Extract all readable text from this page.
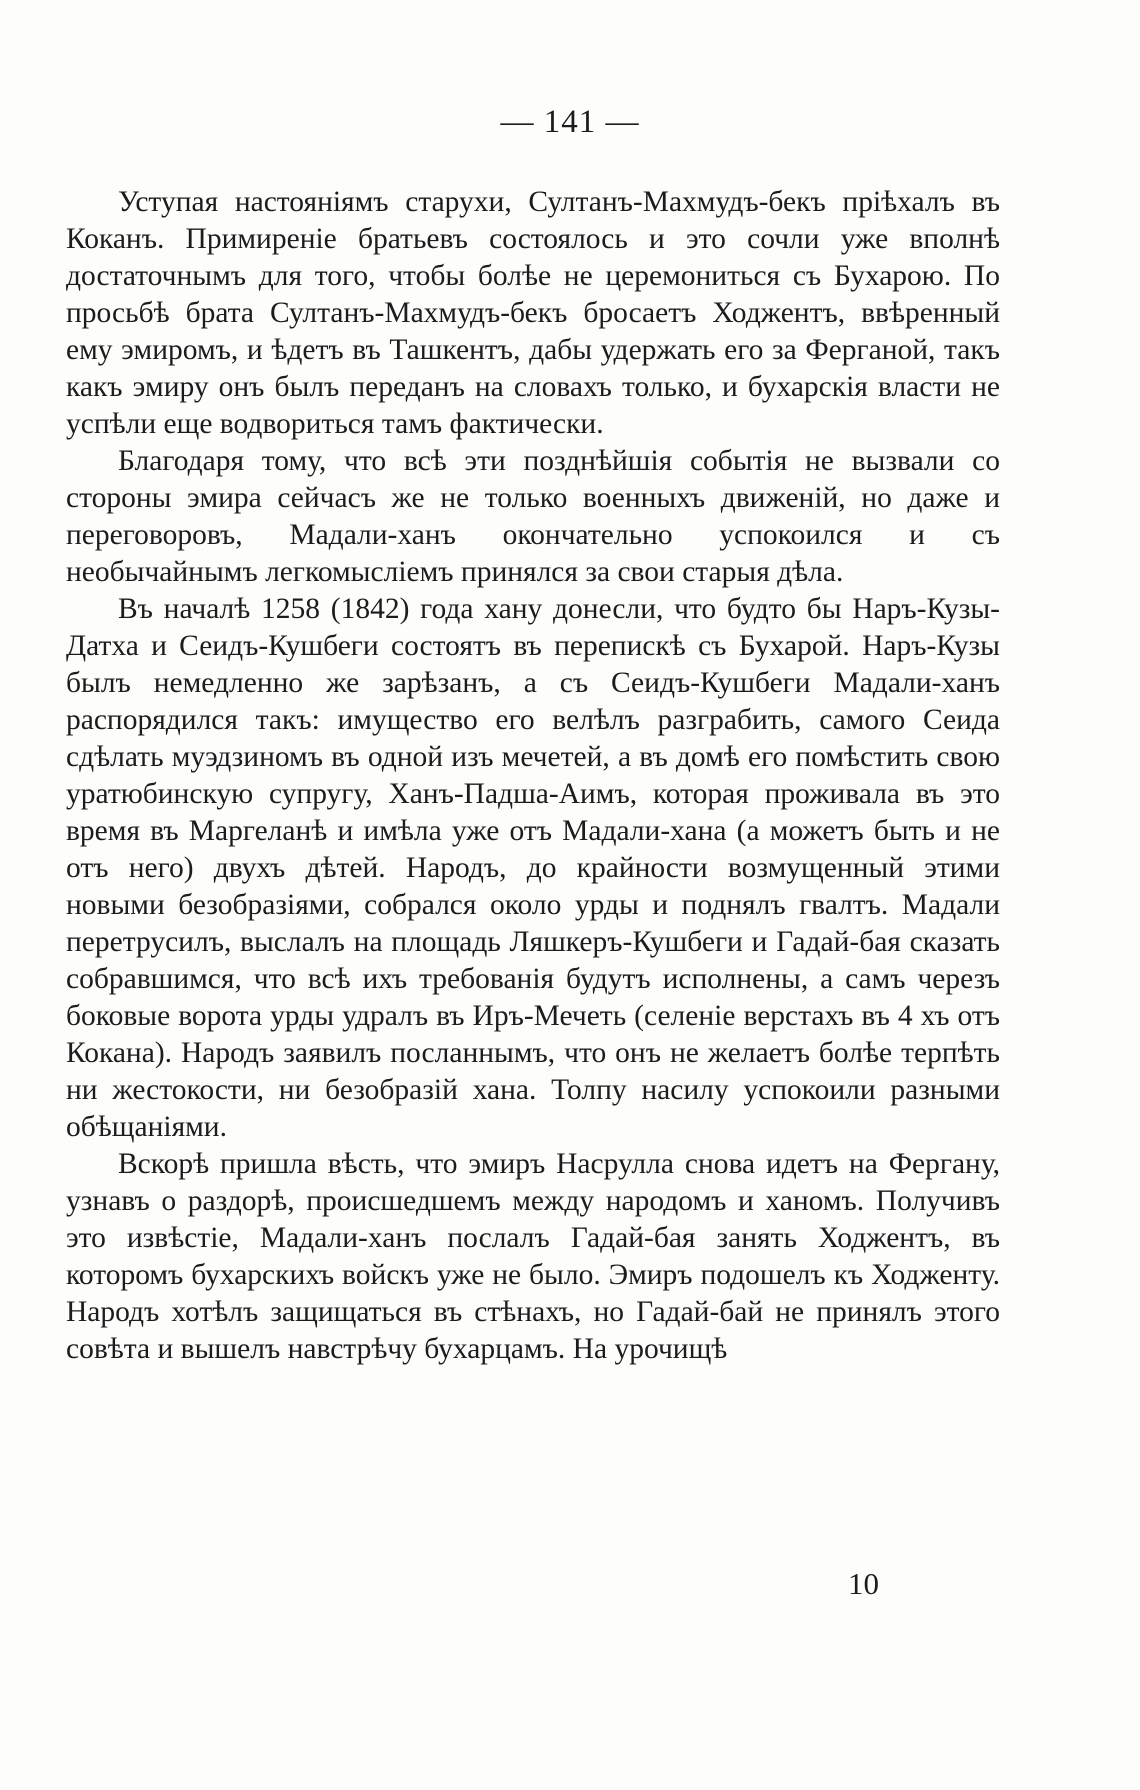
— 141 —

Уступая настояніямъ старухи, Султанъ-Махмудъ-бекъ пріѣхалъ въ Коканъ. Примиреніе братьевъ состоялось и это сочли уже вполнѣ достаточнымъ для того, чтобы болѣе не церемониться съ Бухарою. По просьбѣ брата Султанъ-Махмудъ-бекъ бросаетъ Ходжентъ, ввѣренный ему эмиромъ, и ѣдетъ въ Ташкентъ, дабы удержать его за Ферганой, такъ какъ эмиру онъ былъ переданъ на словахъ только, и бухарскія власти не успѣли еще водвориться тамъ фактически.

Благодаря тому, что всѣ эти позднѣйшія событія не вызвали со стороны эмира сейчасъ же не только военныхъ движеній, но даже и переговоровъ, Мадали-ханъ окончательно успокоился и съ необычайнымъ легкомысліемъ принялся за свои старыя дѣла.

Въ началѣ 1258 (1842) года хану донесли, что будто бы Наръ-Кузы-Датха и Сеидъ-Кушбеги состоятъ въ перепискѣ съ Бухарой. Наръ-Кузы былъ немедленно же зарѣзанъ, а съ Сеидъ-Кушбеги Мадали-ханъ распорядился такъ: имущество его велѣлъ разграбить, самого Сеида сдѣлать муэдзиномъ въ одной изъ мечетей, а въ домѣ его помѣстить свою уратюбинскую супругу, Ханъ-Падша-Аимъ, которая проживала въ это время въ Маргеланѣ и имѣла уже отъ Мадали-хана (а можетъ быть и не отъ него) двухъ дѣтей. Народъ, до крайности возмущенный этими новыми безобразіями, собрался около урды и поднялъ гвалтъ. Мадали перетрусилъ, выслалъ на площадь Ляшкеръ-Кушбеги и Гадай-бая сказать собравшимся, что всѣ ихъ требованія будутъ исполнены, а самъ черезъ боковые ворота урды удралъ въ Иръ-Мечеть (селеніе верстахъ въ 4 хъ отъ Кокана). Народъ заявилъ посланнымъ, что онъ не желаетъ болѣе терпѣть ни жестокости, ни безобразій хана. Толпу насилу успокоили разными обѣщаніями.

Вскорѣ пришла вѣсть, что эмиръ Насрулла снова идетъ на Фергану, узнавъ о раздорѣ, происшедшемъ между народомъ и ханомъ. Получивъ это извѣстіе, Мадали-ханъ послалъ Гадай-бая занять Ходжентъ, въ которомъ бухарскихъ войскъ уже не было. Эмиръ подошелъ къ Ходженту. Народъ хотѣлъ защищаться въ стѣнахъ, но Гадай-бай не принялъ этого совѣта и вышелъ навстрѣчу бухарцамъ. На урочищѣ

10
